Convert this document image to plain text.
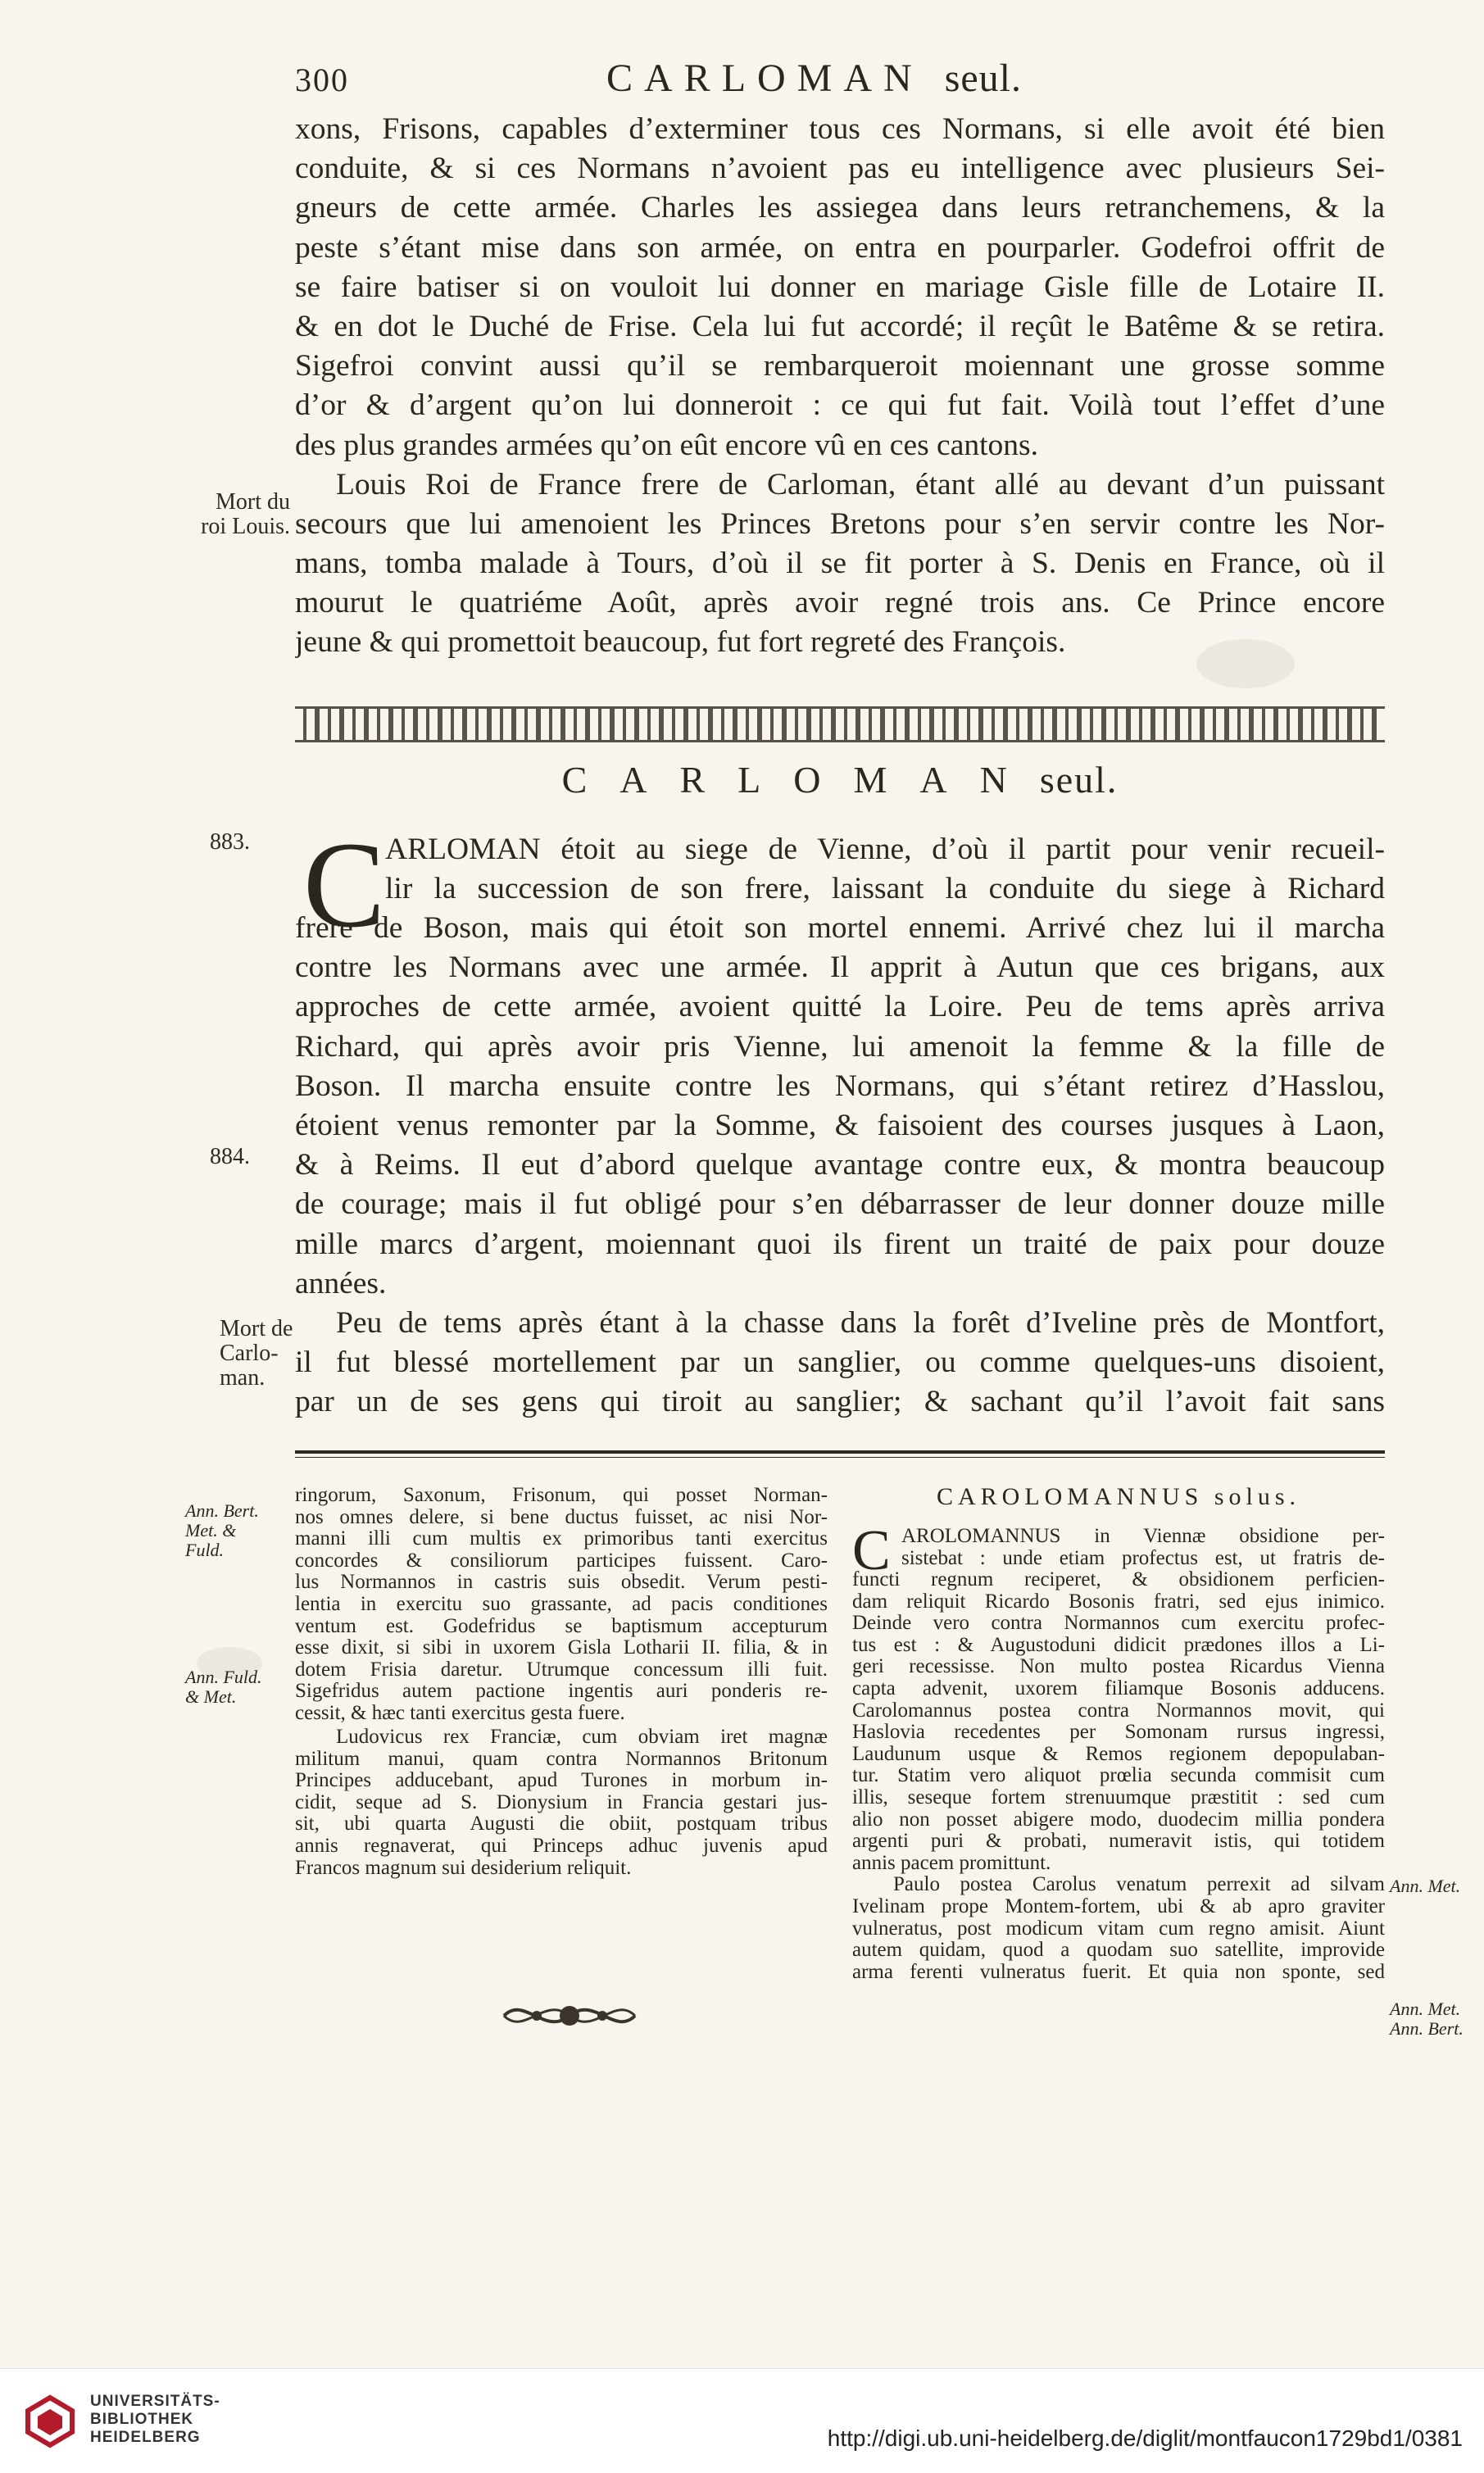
300	CARLOMAN seul.
xons, Frisons, capables d’exterminer tous ces Normans, si elle avoit été bien
conduite, & si ces Normans n’avoient pas eu intelligence avec plusieurs Sei-
gneurs de cette armée. Charles les assiegea dans leurs retranchemens, & la
peste s’étant mise dans son armée, on entra en pourparler. Godefroi offrit de
se faire batiser si on vouloit lui donner en mariage Gisle fille de Lotaire II.
& en dot le Duché de Frise. Cela lui fut accordé; il reçût le Batême & se retira.
Sigefroi convint aussi qu’il se rembarqueroit moiennant une grosse somme
d’or & d’argent qu’on lui donneroit : ce qui fut fait. Voilà tout l’effet d’une
des plus grandes armées qu’on eût encore vû en ces cantons.
Louis Roi de France frere de Carloman, étant allé au devant d’un puissant
secours que lui amenoient les Princes Bretons pour s’en servir contre les Nor-
mans, tomba malade à Tours, d’où il se fit porter à S. Denis en France, où il
mourut le quatriéme Août, après avoir regné trois ans. Ce Prince encore
jeune & qui promettoit beaucoup, fut fort regreté des François.
Mort du
roi Louis.
CARLOMANseul.
883.
884.
Mort de
Carlo-
man.
C ARLOMAN étoit au siege de Vienne, d’où il partit pour venir recueil-
lir la succession de son frere, laissant la conduite du siege à Richard
frere de Boson, mais qui étoit son mortel ennemi. Arrivé chez lui il marcha
contre les Normans avec une armée. Il apprit à Autun que ces brigans, aux
approches de cette armée, avoient quitté la Loire. Peu de tems après arriva
Richard, qui après avoir pris Vienne, lui amenoit la femme & la fille de
Boson. Il marcha ensuite contre les Normans, qui s’étant retirez d’Hasslou,
étoient venus remonter par la Somme, & faisoient des courses jusques à Laon,
& à Reims. Il eut d’abord quelque avantage contre eux, & montra beaucoup
de courage; mais il fut obligé pour s’en débarrasser de leur donner douze mille
mille marcs d’argent, moiennant quoi ils firent un traité de paix pour douze
années.
Peu de tems après étant à la chasse dans la forêt d’Iveline près de Montfort,
il fut blessé mortellement par un sanglier, ou comme quelques-uns disoient,
par un de ses gens qui tiroit au sanglier; & sachant qu’il l’avoit fait sans
Ann. Bert.
Met. &
Fuld.
Ann. Fuld.
& Met.
ringorum, Saxonum, Frisonum, qui posset Norman-
nos omnes delere, si bene ductus fuisset, ac nisi Nor-
manni illi cum multis ex primoribus tanti exercitus
concordes & consiliorum participes fuissent. Caro-
lus Normannos in castris suis obsedit. Verum pesti-
lentia in exercitu suo grassante, ad pacis conditiones
ventum est. Godefridus se baptismum accepturum
esse dixit, si sibi in uxorem Gisla Lotharii II. filia, & in
dotem Frisia daretur. Utrumque concessum illi fuit.
Sigefridus autem pactione ingentis auri ponderis re-
cessit, & hæc tanti exercitus gesta fuere.
Ludovicus rex Franciæ, cum obviam iret magnæ
militum manui, quam contra Normannos Britonum
Principes adducebant, apud Turones in morbum in-
cidit, seque ad S. Dionysium in Francia gestari jus-
sit, ubi quarta Augusti die obiit, postquam tribus
annis regnaverat, qui Princeps adhuc juvenis apud
Francos magnum sui desiderium reliquit.
CAROLOMANNUS solus.
C AROLOMANNUS in Viennæ obsidione per-
sistebat : unde etiam profectus est, ut fratris de-
functi regnum reciperet, & obsidionem perficien-
dam reliquit Ricardo Bosonis fratri, sed ejus inimico.
Deinde vero contra Normannos cum exercitu profec-
tus est : & Augustoduni didicit prædones illos a Li-
geri recessisse. Non multo postea Ricardus Vienna
capta advenit, uxorem filiamque Bosonis adducens.
Carolomannus postea contra Normannos movit, qui
Haslovia recedentes per Somonam rursus ingressi,
Laudunum usque & Remos regionem depopulaban-
tur. Statim vero aliquot prœlia secunda commisit cum
illis, seseque fortem strenuumque præstitit : sed cum
alio non posset abigere modo, duodecim millia pondera
argenti puri & probati, numeravit istis, qui totidem
annis pacem promittunt.
Paulo postea Carolus venatum perrexit ad silvam
Ivelinam prope Montem-fortem, ubi & ab apro graviter
vulneratus, post modicum vitam cum regno amisit. Aiunt
autem quidam, quod a quodam suo satellite, improvide
arma ferenti vulneratus fuerit. Et quia non sponte, sed
Ann. Met.
Ann. Met.
Ann. Bert.
UNIVERSITÄTS-
BIBLIOTHEK
HEIDELBERG	http://digi.ub.uni-heidelberg.de/diglit/montfaucon1729bd1/0381
